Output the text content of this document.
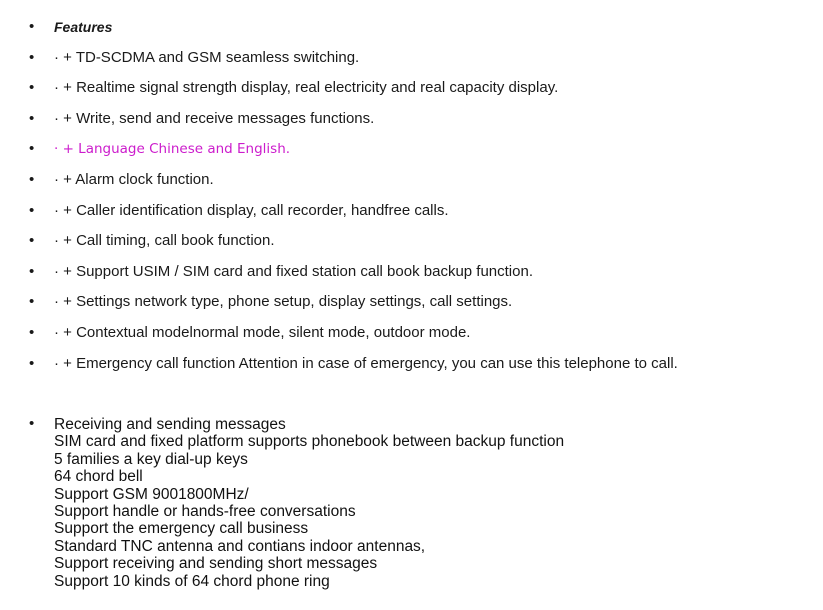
• Features
• · + TD-SCDMA and GSM seamless switching.
• · + Realtime signal strength display, real electricity and real capacity display.
• · + Write, send and receive messages functions.
• · + Language Chinese and English.
• · + Alarm clock function.
• · + Caller identification display, call recorder, handfree calls.
• · + Call timing, call book function.
• · + Support USIM / SIM card and fixed station call book backup function.
• · + Settings network type, phone setup, display settings, call settings.
• · + Contextual modelnormal mode, silent mode, outdoor mode.
• · + Emergency call function Attention in case of emergency, you can use this telephone to call.
• Receiving and sending messages
SIM card and fixed platform supports phonebook between backup function
5 families a key dial-up keys
64 chord bell
Support GSM 9001800MHz/
Support handle or hands-free conversations
Support the emergency call business
Standard TNC antenna and contians indoor antennas,
Support receiving and sending short messages
Support 10 kinds of 64 chord phone ring
